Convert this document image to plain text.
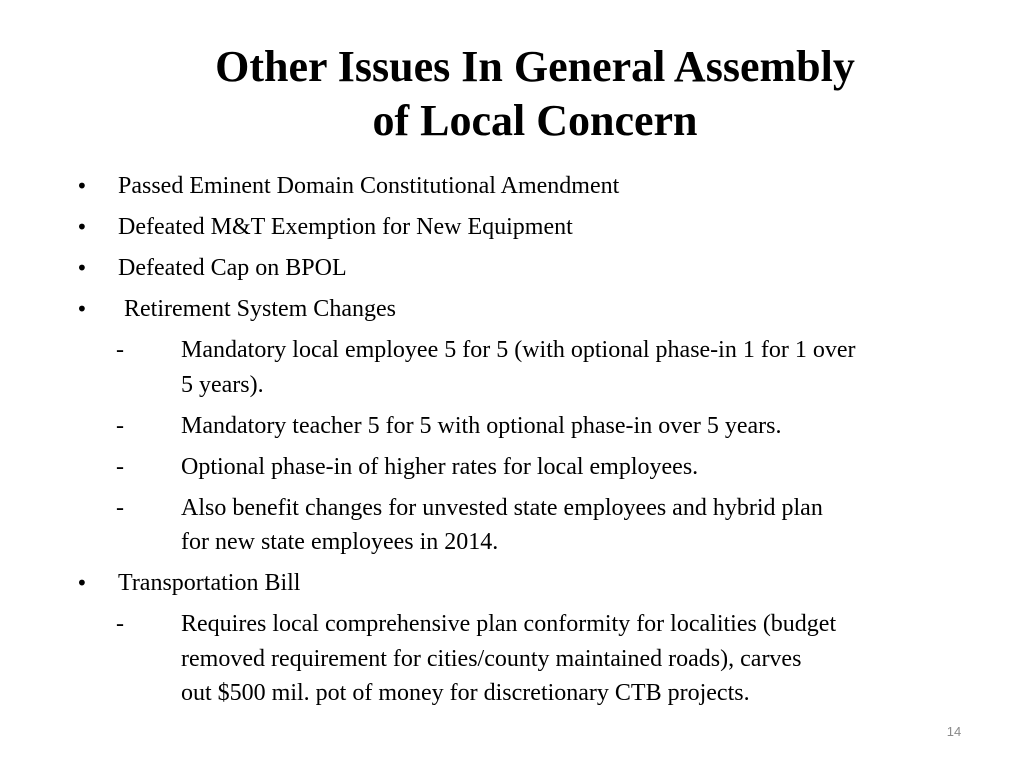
Other Issues In General Assembly
of Local Concern
• Passed Eminent Domain Constitutional Amendment
• Defeated M&T Exemption for New Equipment
• Defeated Cap on BPOL
• Retirement System Changes
- Mandatory local employee 5 for 5 (with optional phase-in 1 for 1 over
5 years).
- Mandatory teacher 5 for 5 with optional phase-in over 5 years.
- Optional phase-in of higher rates for local employees.
- Also benefit changes for unvested state employees and hybrid plan
for new state employees in 2014.
• Transportation Bill
- Requires local comprehensive plan conformity for localities (budget
removed requirement for cities/county maintained roads), carves
out $500 mil. pot of money for discretionary CTB projects.
14
